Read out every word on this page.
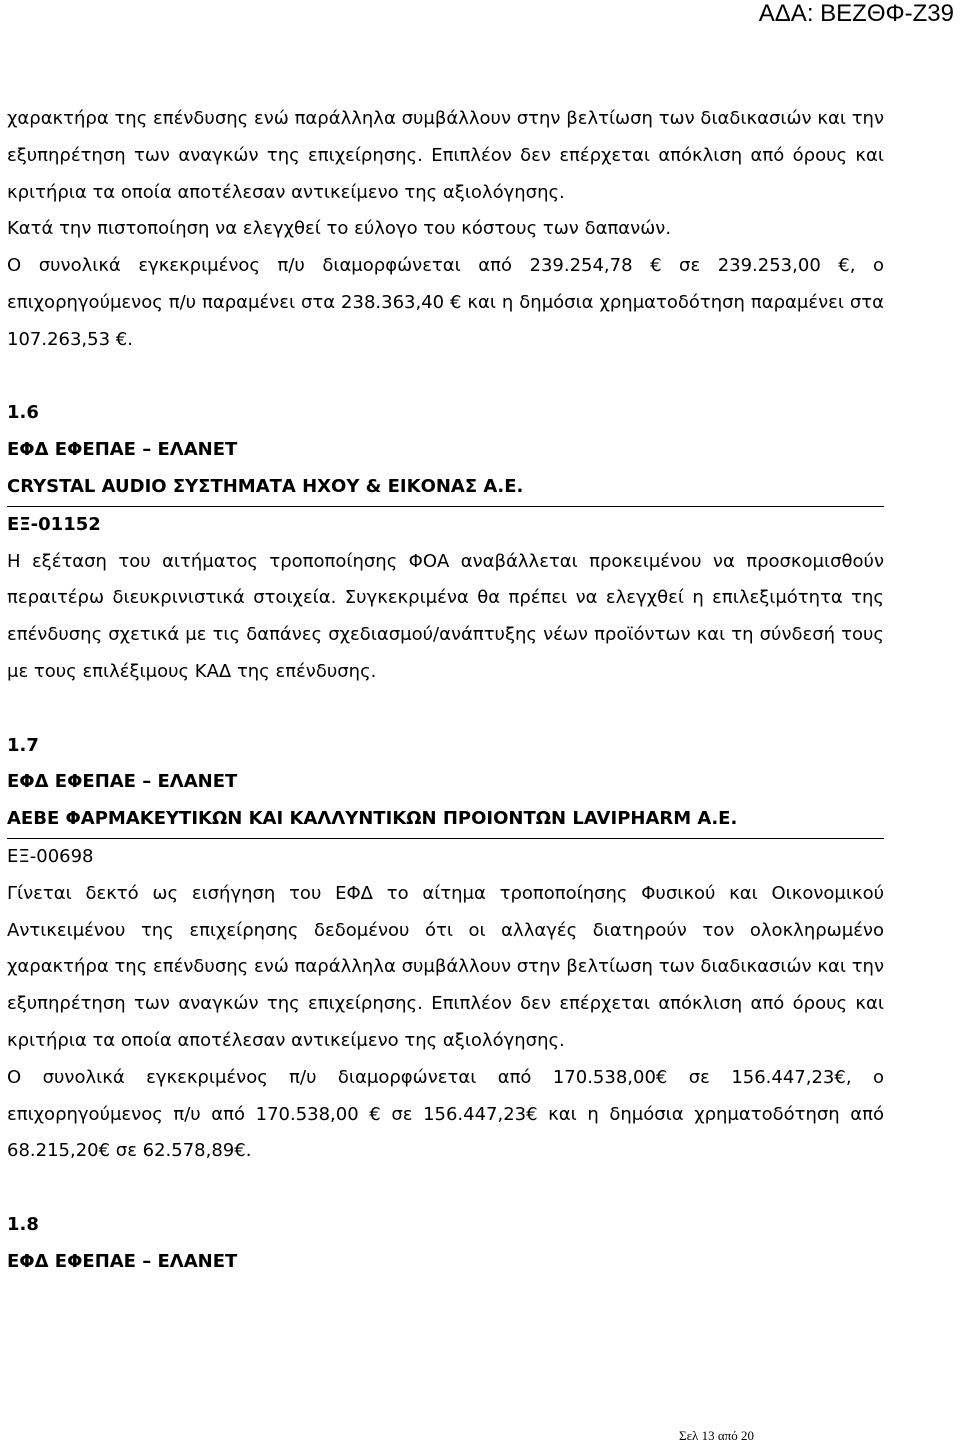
ΑΔΑ: ΒΕΖΘΦ-Ζ39

χαρακτήρα της επένδυσης ενώ παράλληλα συμβάλλουν στην βελτίωση των διαδικασιών και την εξυπηρέτηση των αναγκών της επιχείρησης. Επιπλέον δεν επέρχεται απόκλιση από όρους και κριτήρια τα οποία αποτέλεσαν αντικείμενο της αξιολόγησης.

Κατά την πιστοποίηση να ελεγχθεί το εύλογο του κόστους των δαπανών.

Ο συνολικά εγκεκριμένος π/υ διαμορφώνεται από 239.254,78 € σε 239.253,00 €, ο επιχορηγούμενος π/υ παραμένει στα 238.363,40 € και η δημόσια χρηματοδότηση παραμένει στα 107.263,53 €.

1.6

ΕΦΔ ΕΦΕΠΑΕ – ΕΛΑΝΕΤ

CRYSTAL AUDIO ΣΥΣΤΗΜΑΤΑ ΗΧΟΥ & ΕΙΚΟΝΑΣ Α.Ε.

ΕΞ-01152

Η εξέταση του αιτήματος τροποποίησης ΦΟΑ αναβάλλεται προκειμένου να προσκομισθούν περαιτέρω διευκρινιστικά στοιχεία. Συγκεκριμένα θα πρέπει να ελεγχθεί η επιλεξιμότητα της επένδυσης σχετικά με τις δαπάνες σχεδιασμού/ανάπτυξης νέων προϊόντων και τη σύνδεσή τους με τους επιλέξιμους ΚΑΔ της επένδυσης.

1.7

ΕΦΔ ΕΦΕΠΑΕ – ΕΛΑΝΕΤ

ΑΕΒΕ ΦΑΡΜΑΚΕΥΤΙΚΩΝ ΚΑΙ ΚΑΛΛΥΝΤΙΚΩΝ ΠΡΟΙΟΝΤΩΝ LAVIPHARM Α.Ε.

ΕΞ-00698

Γίνεται δεκτό ως εισήγηση του ΕΦΔ το αίτημα τροποποίησης Φυσικού και Οικονομικού Αντικειμένου της επιχείρησης δεδομένου ότι οι αλλαγές διατηρούν τον ολοκληρωμένο χαρακτήρα της επένδυσης ενώ παράλληλα συμβάλλουν στην βελτίωση των διαδικασιών και την εξυπηρέτηση των αναγκών της επιχείρησης. Επιπλέον δεν επέρχεται απόκλιση από όρους και κριτήρια τα οποία αποτέλεσαν αντικείμενο της αξιολόγησης.

Ο συνολικά εγκεκριμένος π/υ διαμορφώνεται από 170.538,00€ σε 156.447,23€, ο επιχορηγούμενος π/υ από 170.538,00 € σε 156.447,23€ και η δημόσια χρηματοδότηση από 68.215,20€ σε 62.578,89€.

1.8

ΕΦΔ ΕΦΕΠΑΕ – ΕΛΑΝΕΤ

Σελ 13 από 20
